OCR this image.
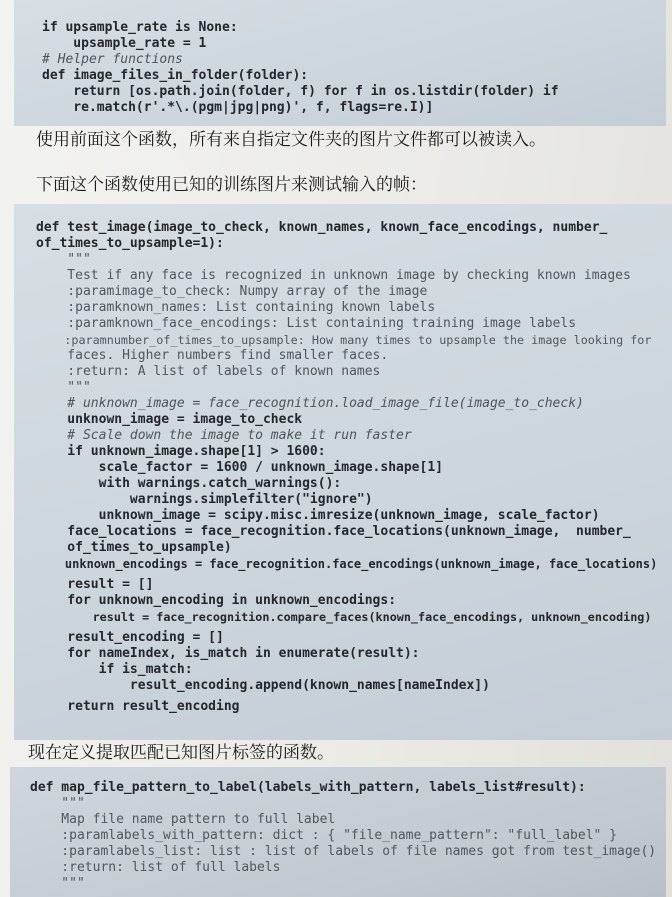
if upsample_rate is None:
upsample_rate = 1
# Helper functions
def image_files_in_folder(folder):
return [os.path.join(folder, f) for f in os.listdir(folder) if
re.match(r'.*\.(pgm|jpg|png)', f, flags=re.I)]
使用前面这个函数，所有来自指定文件夹的图片文件都可以被读入。
下面这个函数使用已知的训练图片来测试输入的帧：
def test_image(image_to_check, known_names, known_face_encodings, number_
of_times_to_upsample=1):
"""
Test if any face is recognized in unknown image by checking known images
:paramimage_to_check: Numpy array of the image
:paramknown_names: List containing known labels
:paramknown_face_encodings: List containing training image labels
:paramnumber_of_times_to_upsample: How many times to upsample the image looking for
faces. Higher numbers find smaller faces.
:return: A list of labels of known names
"""
# unknown_image = face_recognition.load_image_file(image_to_check)
unknown_image = image_to_check
# Scale down the image to make it run faster
if unknown_image.shape[1] > 1600:
scale_factor = 1600 / unknown_image.shape[1]
with warnings.catch_warnings():
warnings.simplefilter("ignore")
unknown_image = scipy.misc.imresize(unknown_image, scale_factor)
face_locations = face_recognition.face_locations(unknown_image,  number_
of_times_to_upsample)
unknown_encodings = face_recognition.face_encodings(unknown_image, face_locations)
result = []
for unknown_encoding in unknown_encodings:
result = face_recognition.compare_faces(known_face_encodings, unknown_encoding)
result_encoding = []
for nameIndex, is_match in enumerate(result):
if is_match:
result_encoding.append(known_names[nameIndex])
return result_encoding
现在定义提取匹配已知图片标签的函数。
def map_file_pattern_to_label(labels_with_pattern, labels_list#result):
"""
Map file name pattern to full label
:paramlabels_with_pattern: dict : { "file_name_pattern": "full_label" }
:paramlabels_list: list : list of labels of file names got from test_image()
:return: list of full labels
"""
